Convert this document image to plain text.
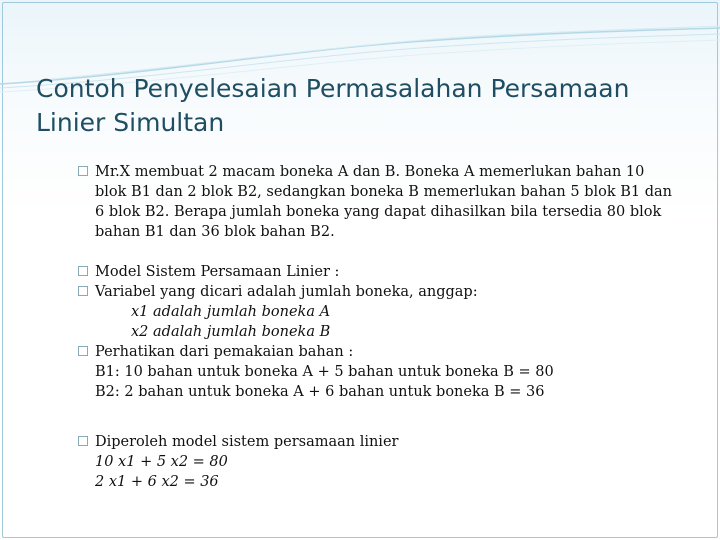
Contoh Penyelesaian Permasalahan Persamaan Linier Simultan
Mr.X membuat 2 macam boneka A dan B. Boneka A memerlukan bahan 10
blok B1 dan 2 blok B2, sedangkan boneka B memerlukan bahan 5 blok B1 dan
6 blok B2. Berapa jumlah boneka yang dapat dihasilkan bila tersedia 80 blok
bahan B1 dan 36 blok bahan B2.
Model Sistem Persamaan Linier :
Variabel yang dicari adalah jumlah boneka, anggap:
x1 adalah jumlah boneka A
x2 adalah jumlah boneka B
Perhatikan dari pemakaian bahan :
B1: 10 bahan untuk boneka A + 5 bahan untuk boneka B = 80
B2: 2 bahan untuk boneka A + 6 bahan untuk boneka B = 36
Diperoleh model sistem persamaan linier
10 x1 + 5 x2 = 80
2 x1 + 6 x2 = 36
